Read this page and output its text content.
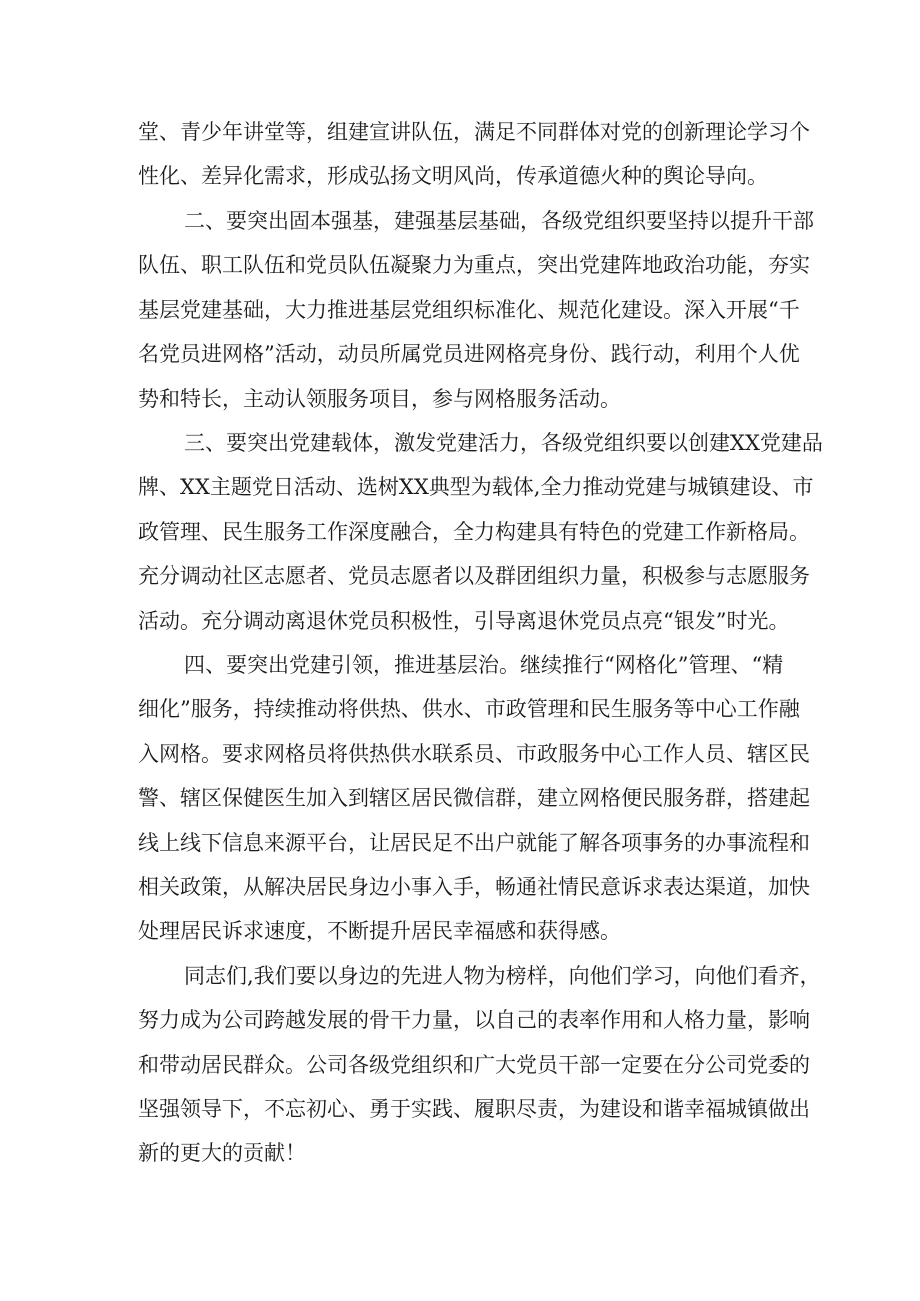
堂、青少年讲堂等，组建宣讲队伍，满足不同群体对党的创新理论学习个
性化、差异化需求，形成弘扬文明风尚，传承道德火种的舆论导向。
二、要突出固本强基，建强基层基础，各级党组织要坚持以提升干部
队伍、职工队伍和党员队伍凝聚力为重点，突出党建阵地政治功能，夯实
基层党建基础，大力推进基层党组织标准化、规范化建设。深入开展“千
名党员进网格”活动，动员所属党员进网格亮身份、践行动，利用个人优
势和特长，主动认领服务项目，参与网格服务活动。
三、要突出党建载体，激发党建活力，各级党组织要以创建XX党建品
牌、XX主题党日活动、选树XX典型为载体,全力推动党建与城镇建设、市
政管理、民生服务工作深度融合，全力构建具有特色的党建工作新格局。
充分调动社区志愿者、党员志愿者以及群团组织力量，积极参与志愿服务
活动。充分调动离退休党员积极性，引导离退休党员点亮“银发”时光。
四、要突出党建引领，推进基层治。继续推行“网格化”管理、“精
细化”服务，持续推动将供热、供水、市政管理和民生服务等中心工作融
入网格。要求网格员将供热供水联系员、市政服务中心工作人员、辖区民
警、辖区保健医生加入到辖区居民微信群，建立网格便民服务群，搭建起
线上线下信息来源平台，让居民足不出户就能了解各项事务的办事流程和
相关政策，从解决居民身边小事入手，畅通社情民意诉求表达渠道，加快
处理居民诉求速度，不断提升居民幸福感和获得感。
同志们,我们要以身边的先进人物为榜样，向他们学习，向他们看齐，
努力成为公司跨越发展的骨干力量，以自己的表率作用和人格力量，影响
和带动居民群众。公司各级党组织和广大党员干部一定要在分公司党委的
坚强领导下，不忘初心、勇于实践、履职尽责，为建设和谐幸福城镇做出
新的更大的贡献！
